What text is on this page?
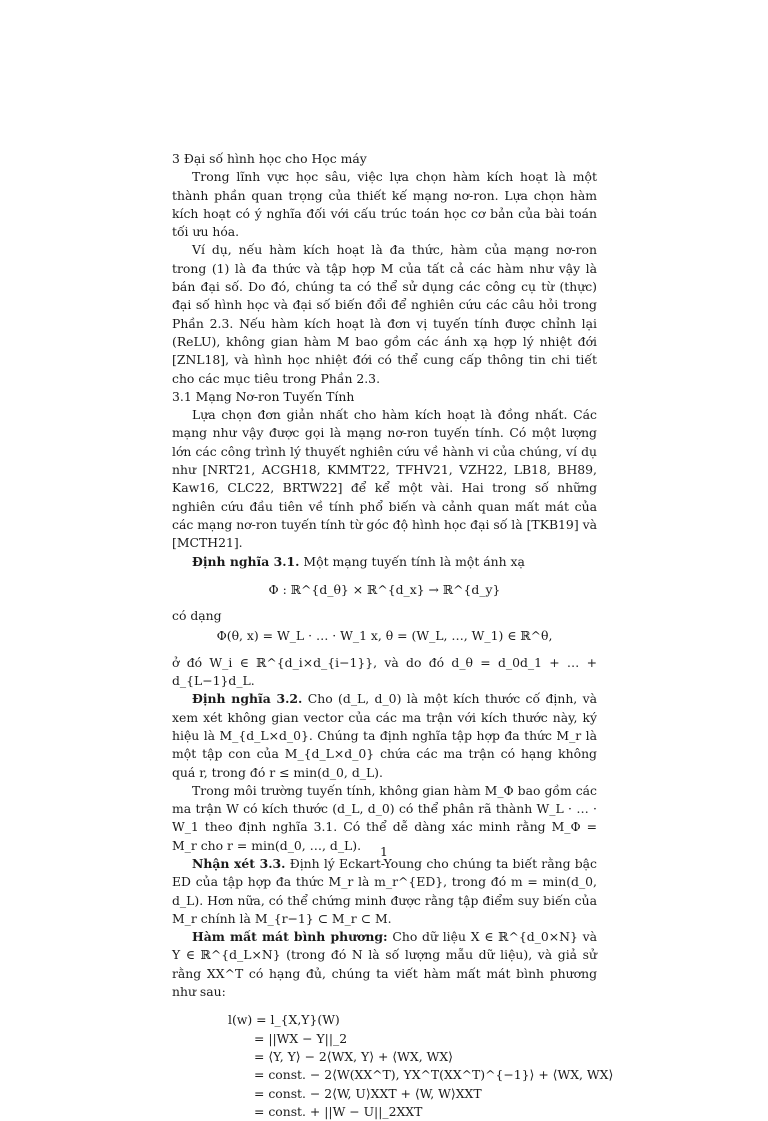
3 Đại số hình học cho Học máy

Trong lĩnh vực học sâu, việc lựa chọn hàm kích hoạt là một thành phần quan trọng của thiết kế mạng nơ-ron. Lựa chọn hàm kích hoạt có ý nghĩa đối với cấu trúc toán học cơ bản của bài toán tối ưu hóa.

Ví dụ, nếu hàm kích hoạt là đa thức, hàm của mạng nơ-ron trong (1) là đa thức và tập hợp M của tất cả các hàm như vậy là bán đại số. Do đó, chúng ta có thể sử dụng các công cụ từ (thực) đại số hình học và đại số biến đổi để nghiên cứu các câu hỏi trong Phần 2.3. Nếu hàm kích hoạt là đơn vị tuyến tính được chỉnh lại (ReLU), không gian hàm M bao gồm các ánh xạ hợp lý nhiệt đới [ZNL18], và hình học nhiệt đới có thể cung cấp thông tin chi tiết cho các mục tiêu trong Phần 2.3.

3.1 Mạng Nơ-ron Tuyến Tính

Lựa chọn đơn giản nhất cho hàm kích hoạt là đồng nhất. Các mạng như vậy được gọi là mạng nơ-ron tuyến tính. Có một lượng lớn các công trình lý thuyết nghiên cứu về hành vi của chúng, ví dụ như [NRT21, ACGH18, KMMT22, TFHV21, VZH22, LB18, BH89, Kaw16, CLC22, BRTW22] để kể một vài. Hai trong số những nghiên cứu đầu tiên về tính phổ biến và cảnh quan mất mát của các mạng nơ-ron tuyến tính từ góc độ hình học đại số là [TKB19] và [MCTH21].

Định nghĩa 3.1. Một mạng tuyến tính là một ánh xạ

Φ : ℝ^{d_θ} × ℝ^{d_x} → ℝ^{d_y}

có dạng

Φ(θ, x) = W_L · … · W_1 x, θ = (W_L, …, W_1) ∈ ℝ^θ,

ở đó W_i ∈ ℝ^{d_i×d_{i−1}}, và do đó d_θ = d_0d_1 + … + d_{L−1}d_L.

Định nghĩa 3.2. Cho (d_L, d_0) là một kích thước cố định, và xem xét không gian vector của các ma trận với kích thước này, ký hiệu là M_{d_L×d_0}. Chúng ta định nghĩa tập hợp đa thức M_r là một tập con của M_{d_L×d_0} chứa các ma trận có hạng không quá r, trong đó r ≤ min(d_0, d_L).

Trong môi trường tuyến tính, không gian hàm M_Φ bao gồm các ma trận W có kích thước (d_L, d_0) có thể phân rã thành W_L · … · W_1 theo định nghĩa 3.1. Có thể dễ dàng xác minh rằng M_Φ = M_r cho r = min(d_0, …, d_L).

Nhận xét 3.3. Định lý Eckart-Young cho chúng ta biết rằng bậc ED của tập hợp đa thức M_r là m_r^{ED}, trong đó m = min(d_0, d_L). Hơn nữa, có thể chứng minh được rằng tập điểm suy biến của M_r chính là M_{r−1} ⊂ M_r ⊂ M.

Hàm mất mát bình phương: Cho dữ liệu X ∈ ℝ^{d_0×N} và Y ∈ ℝ^{d_L×N} (trong đó N là số lượng mẫu dữ liệu), và giả sử rằng XX^T có hạng đủ, chúng ta viết hàm mất mát bình phương như sau:

l(w) = l_{X,Y}(W)
= ||WX − Y||_2
= ⟨Y, Y⟩ − 2⟨WX, Y⟩ + ⟨WX, WX⟩
= const. − 2⟨W(XX^T), YX^T(XX^T)^{−1}⟩ + ⟨WX, WX⟩
= const. − 2⟨W, U⟩XXT + ⟨W, W⟩XXT
= const. + ||W − U||_2XXT
1
